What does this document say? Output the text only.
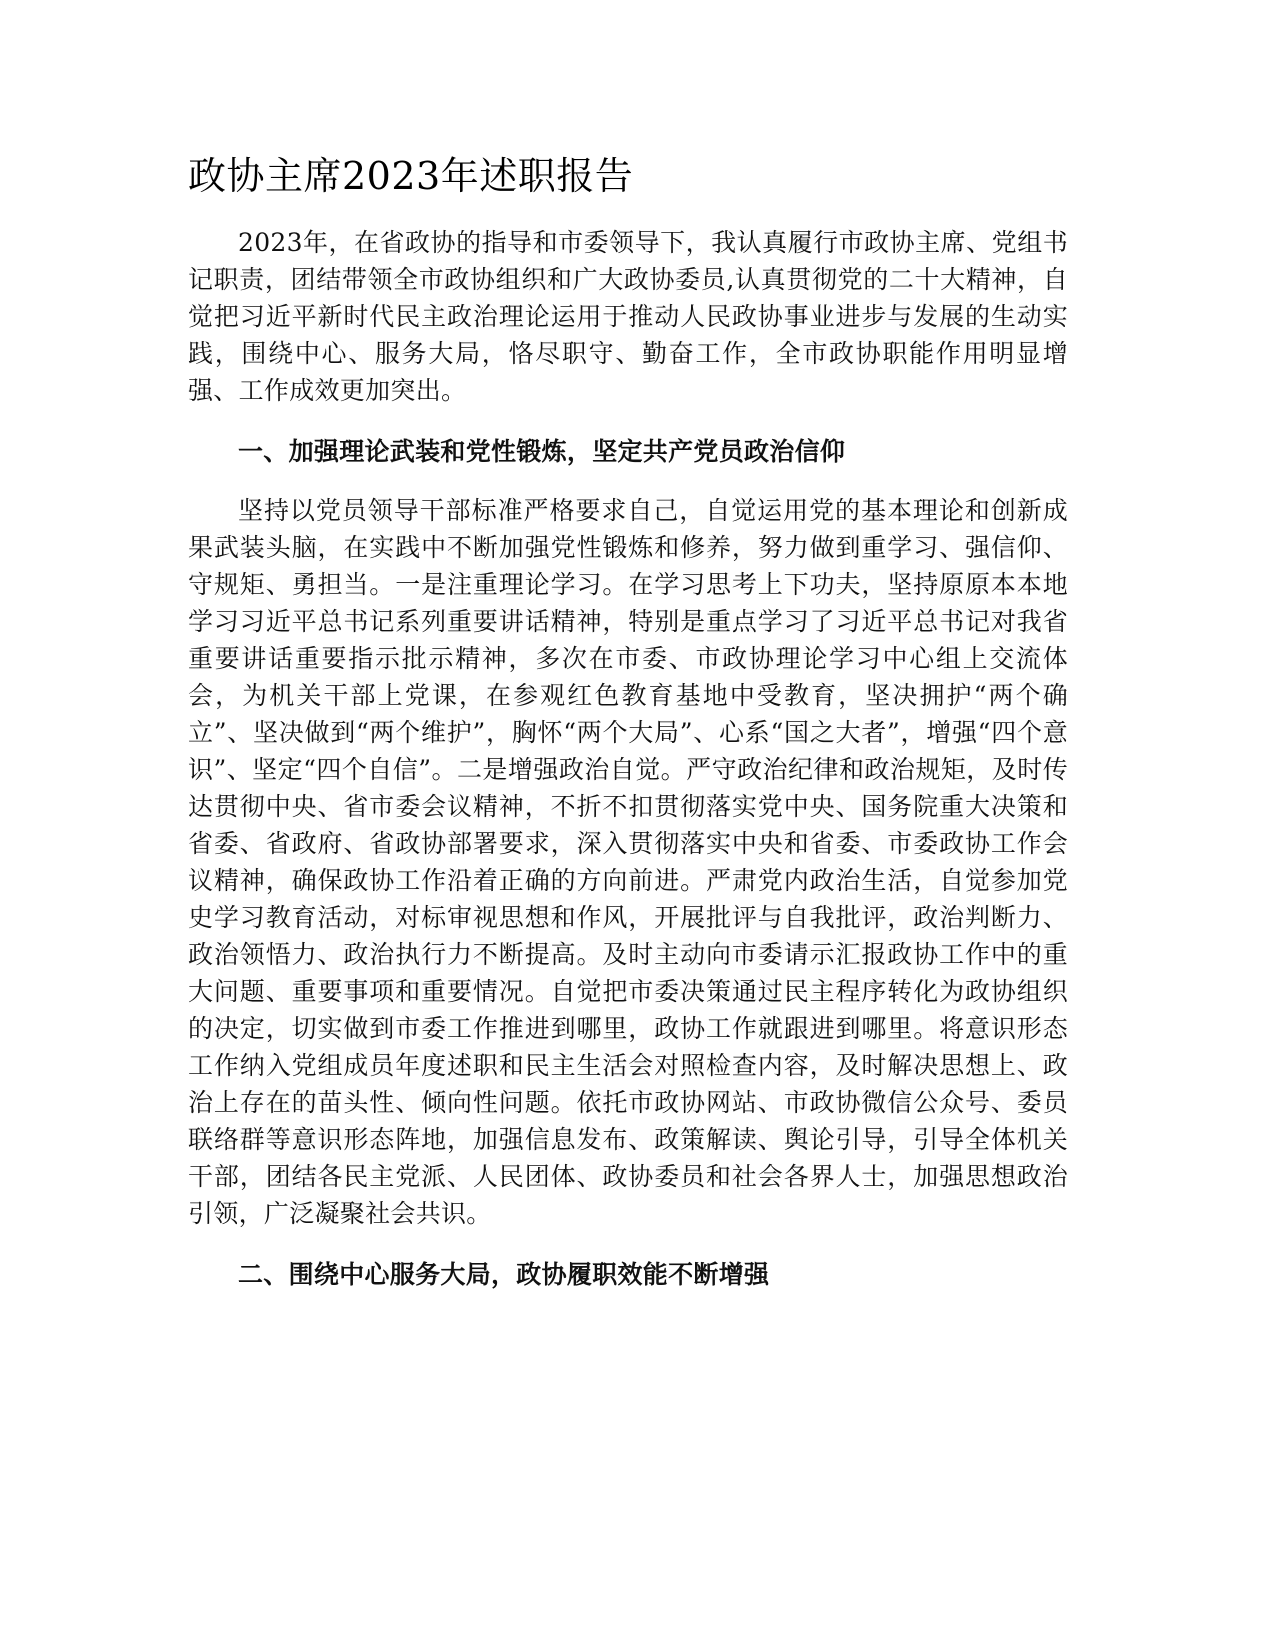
政协主席2023年述职报告

2023年，在省政协的指导和市委领导下，我认真履行市政协主席、党组书记职责，团结带领全市政协组织和广大政协委员,认真贯彻党的二十大精神，自觉把习近平新时代民主政治理论运用于推动人民政协事业进步与发展的生动实践，围绕中心、服务大局，恪尽职守、勤奋工作，全市政协职能作用明显增强、工作成效更加突出。

一、加强理论武装和党性锻炼，坚定共产党员政治信仰

坚持以党员领导干部标准严格要求自己，自觉运用党的基本理论和创新成果武装头脑，在实践中不断加强党性锻炼和修养，努力做到重学习、强信仰、守规矩、勇担当。一是注重理论学习。在学习思考上下功夫，坚持原原本本地学习习近平总书记系列重要讲话精神，特别是重点学习了习近平总书记对我省重要讲话重要指示批示精神，多次在市委、市政协理论学习中心组上交流体会，为机关干部上党课，在参观红色教育基地中受教育，坚决拥护“两个确立”、坚决做到“两个维护”，胸怀“两个大局”、心系“国之大者”，增强“四个意识”、坚定“四个自信”。二是增强政治自觉。严守政治纪律和政治规矩，及时传达贯彻中央、省市委会议精神，不折不扣贯彻落实党中央、国务院重大决策和省委、省政府、省政协部署要求，深入贯彻落实中央和省委、市委政协工作会议精神，确保政协工作沿着正确的方向前进。严肃党内政治生活，自觉参加党史学习教育活动，对标审视思想和作风，开展批评与自我批评，政治判断力、政治领悟力、政治执行力不断提高。及时主动向市委请示汇报政协工作中的重大问题、重要事项和重要情况。自觉把市委决策通过民主程序转化为政协组织的决定，切实做到市委工作推进到哪里，政协工作就跟进到哪里。将意识形态工作纳入党组成员年度述职和民主生活会对照检查内容，及时解决思想上、政治上存在的苗头性、倾向性问题。依托市政协网站、市政协微信公众号、委员联络群等意识形态阵地，加强信息发布、政策解读、舆论引导，引导全体机关干部，团结各民主党派、人民团体、政协委员和社会各界人士，加强思想政治引领，广泛凝聚社会共识。

二、围绕中心服务大局，政协履职效能不断增强
